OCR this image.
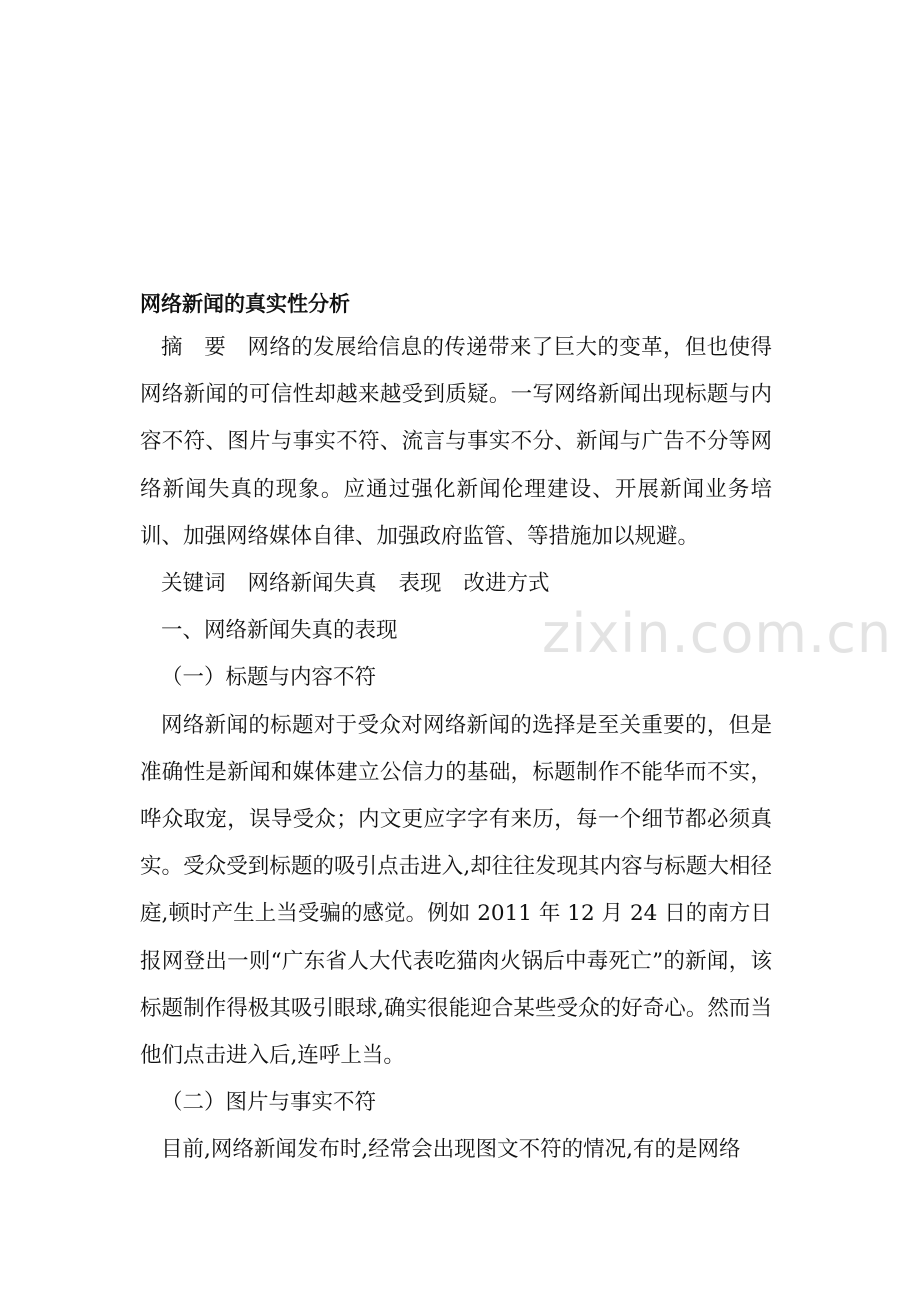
网络新闻的真实性分析

摘 要 网络的发展给信息的传递带来了巨大的变革，但也使得网络新闻的可信性却越来越受到质疑。一写网络新闻出现标题与内容不符、图片与事实不符、流言与事实不分、新闻与广告不分等网络新闻失真的现象。应通过强化新闻伦理建设、开展新闻业务培训、加强网络媒体自律、加强政府监管、等措施加以规避。

关键词 网络新闻失真 表现 改进方式

一、网络新闻失真的表现

（一）标题与内容不符

网络新闻的标题对于受众对网络新闻的选择是至关重要的，但是准确性是新闻和媒体建立公信力的基础，标题制作不能华而不实，哗众取宠，误导受众；内文更应字字有来历，每一个细节都必须真实。受众受到标题的吸引点击进入,却往往发现其内容与标题大相径庭,顿时产生上当受骗的感觉。例如 2011 年 12 月 24 日的南方日报网登出一则“广东省人大代表吃猫肉火锅后中毒死亡”的新闻，该标题制作得极其吸引眼球,确实很能迎合某些受众的好奇心。然而当他们点击进入后,连呼上当。

（二）图片与事实不符

目前,网络新闻发布时,经常会出现图文不符的情况,有的是网络

zixin.com.cn
